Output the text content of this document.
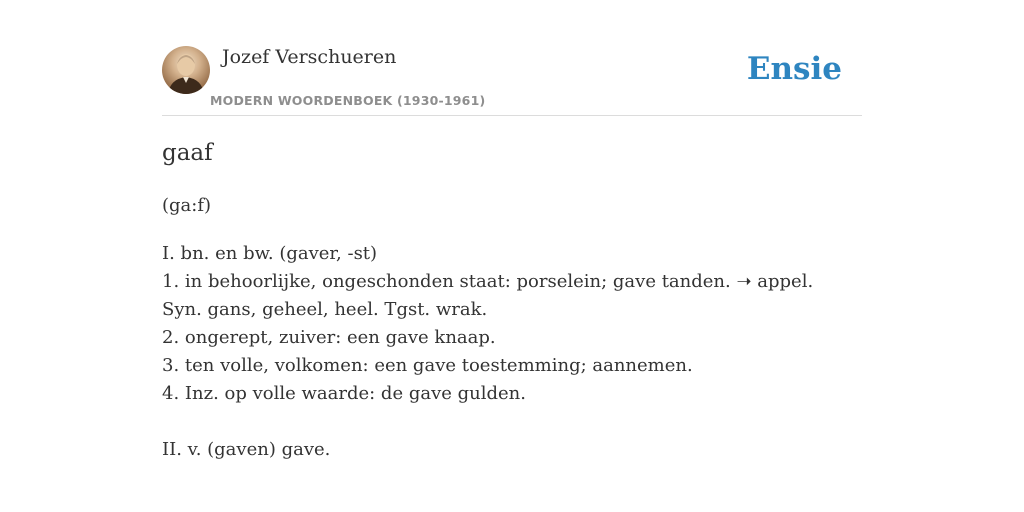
Jozef Verschueren
MODERN WOORDENBOEK (1930-1961)
Ensie
gaaf
(ga:f)
I. bn. en bw. (gaver, -st)
1. in behoorlijke, ongeschonden staat: porselein; gave tanden. ➝ appel. Syn. gans, geheel, heel. Tgst. wrak.
2. ongerept, zuiver: een gave knaap.
3. ten volle, volkomen: een gave toestemming; aannemen.
4. Inz. op volle waarde: de gave gulden.
II. v. (gaven) gave.
